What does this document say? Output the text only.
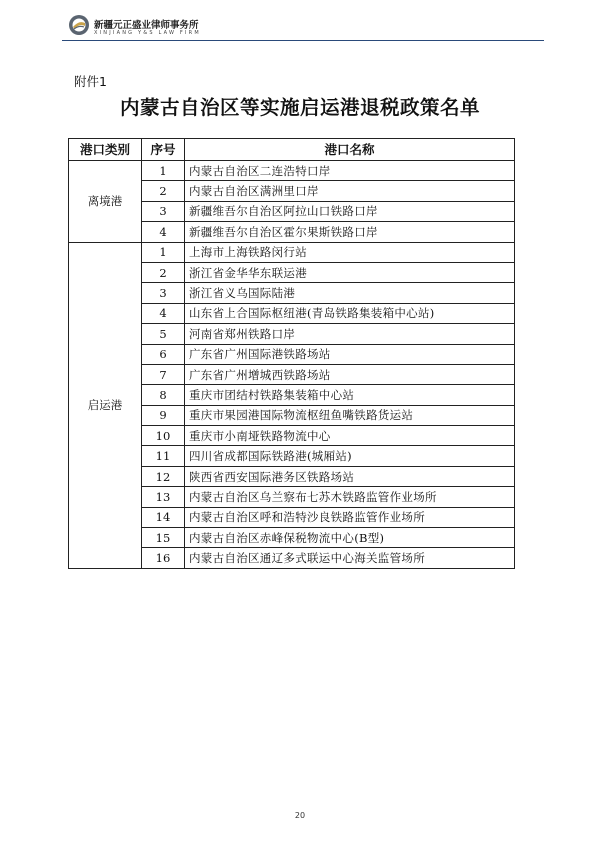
新疆元正盛业律师事务所
XINJIANG Y&S LAW FIRM
附件1
内蒙古自治区等实施启运港退税政策名单
港口类别	序号	港口名称
离境港	1	内蒙古自治区二连浩特口岸
	2	内蒙古自治区满洲里口岸
	3	新疆维吾尔自治区阿拉山口铁路口岸
	4	新疆维吾尔自治区霍尔果斯铁路口岸
启运港	1	上海市上海铁路闵行站
	2	浙江省金华华东联运港
	3	浙江省义乌国际陆港
	4	山东省上合国际枢纽港(青岛铁路集装箱中心站)
	5	河南省郑州铁路口岸
	6	广东省广州国际港铁路场站
	7	广东省广州增城西铁路场站
	8	重庆市团结村铁路集装箱中心站
	9	重庆市果园港国际物流枢纽鱼嘴铁路货运站
	10	重庆市小南垭铁路物流中心
	11	四川省成都国际铁路港(城厢站)
	12	陕西省西安国际港务区铁路场站
	13	内蒙古自治区乌兰察布七苏木铁路监管作业场所
	14	内蒙古自治区呼和浩特沙良铁路监管作业场所
	15	内蒙古自治区赤峰保税物流中心(B型)
	16	内蒙古自治区通辽多式联运中心海关监管场所
20
